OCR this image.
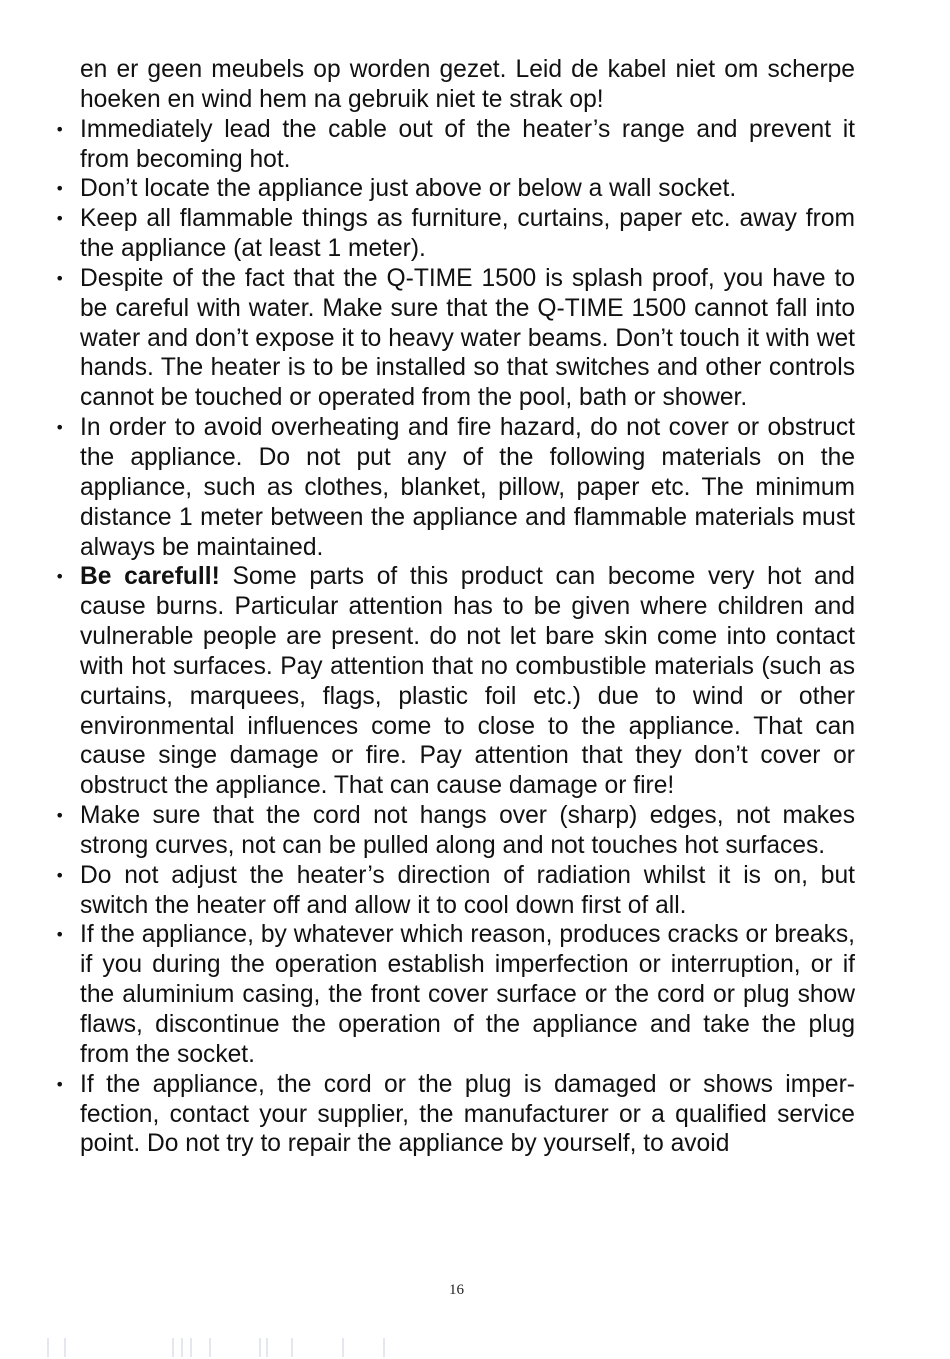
en er geen meubels op worden gezet. Leid de kabel niet om scherpe hoeken en wind hem na gebruik niet te strak op!

• Immediately lead the cable out of the heater’s range and prevent it from becoming hot.
• Don’t locate the appliance just above or below a wall socket.
• Keep all flammable things as furniture, curtains, paper etc. away from the appliance (at least 1 meter).
• Despite of the fact that the Q-TIME 1500 is splash proof, you have to be careful with water. Make sure that the Q-TIME 1500 cannot fall into water and don’t expose it to heavy water beams. Don’t touch it with wet hands. The heater is to be installed so that switches and other controls cannot be touched or operated from the pool, bath or shower.
• In order to avoid overheating and fire hazard, do not cover or obstruct the appliance. Do not put any of the following materials on the appliance, such as clothes, blanket, pillow, paper etc. The minimum distance 1 meter between the appliance and flammable materials must always be maintained.
• Be carefull! Some parts of this product can become very hot and cause burns. Particular attention has to be given where children and vulnerable people are present. do not let bare skin come into contact with hot surfaces. Pay attention that no combustible materials (such as curtains, marquees, flags, plastic foil etc.) due to wind or other environmental influences come to close to the appliance. That can cause singe damage or fire. Pay attention that they don’t cover or obstruct the appliance. That can cause damage or fire!
• Make sure that the cord not hangs over (sharp) edges, not makes strong curves, not can be pulled along and not touches hot surfaces.
• Do not adjust the heater’s direction of radiation whilst it is on, but switch the heater off and allow it to cool down first of all.
• If the appliance, by whatever which reason, produces cracks or breaks, if you during the operation establish imperfection or interruption, or if the aluminium casing, the front cover surface or the cord or plug show flaws, discontinue the operation of the appliance and take the plug from the socket.
• If the appliance, the cord or the plug is damaged or shows imperfection, contact your supplier, the manufacturer or a qualified service point. Do not try to repair the appliance by yourself, to avoid
16
